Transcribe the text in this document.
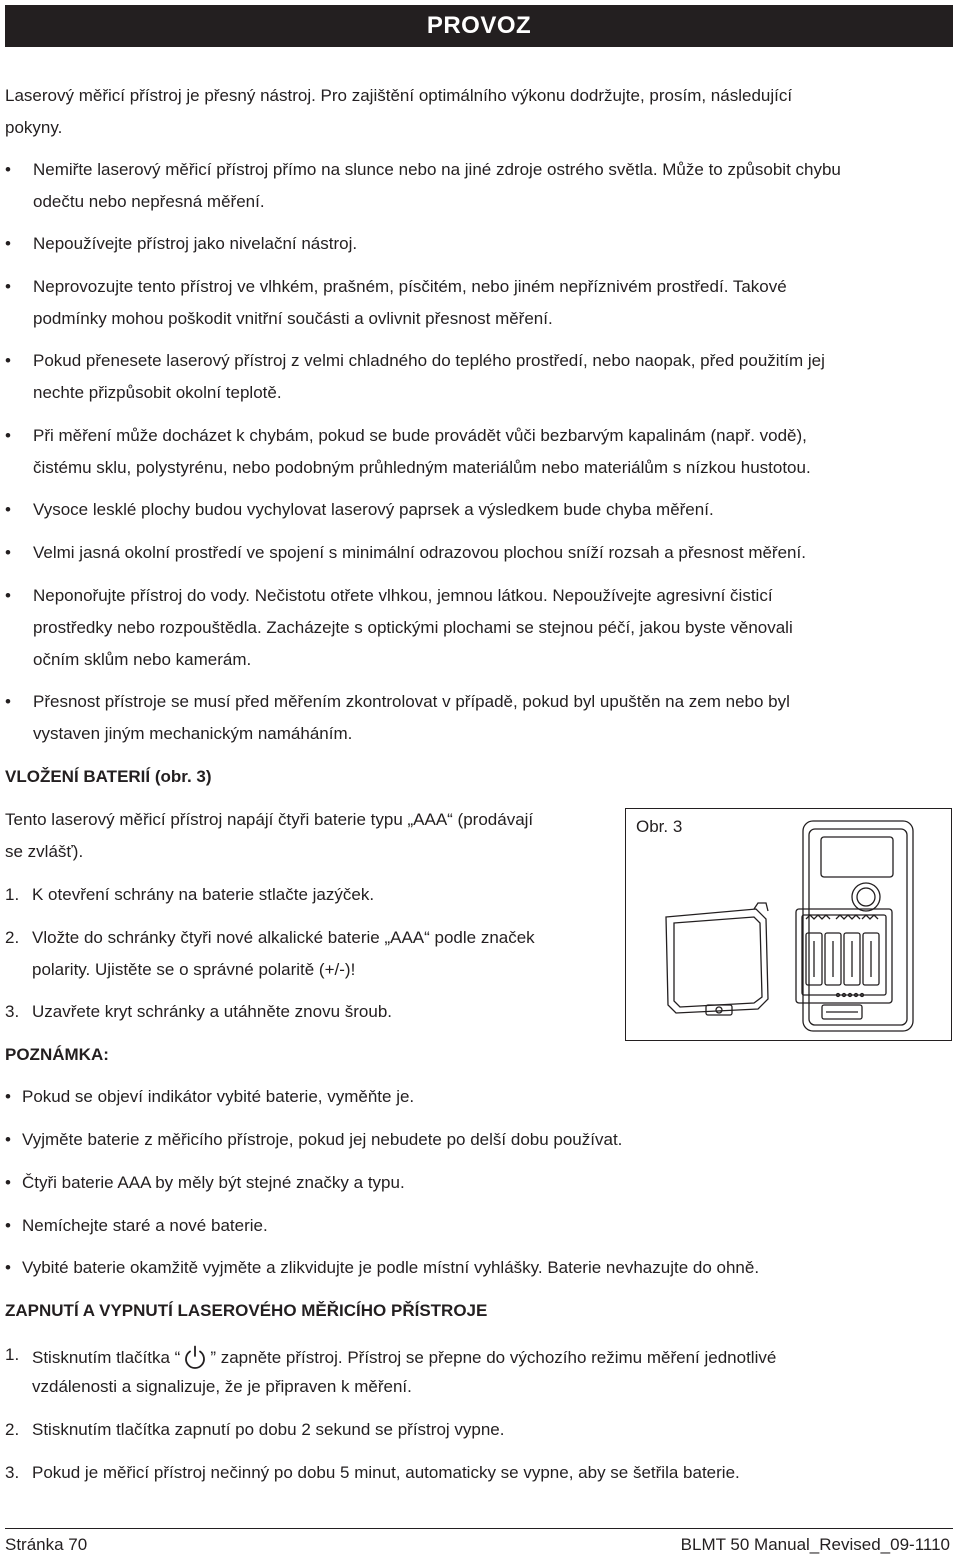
PROVOZ
Laserový měřicí přístroj je přesný nástroj. Pro zajištění optimálního výkonu dodržujte, prosím, následující
pokyny.
• Nemiřte laserový měřicí přístroj přímo na slunce nebo na jiné zdroje ostrého světla. Může to způsobit chybu
odečtu nebo nepřesná měření.
• Nepoužívejte přístroj jako nivelační nástroj.
• Neprovozujte tento přístroj ve vlhkém, prašném, písčitém, nebo jiném nepříznivém prostředí. Takové
podmínky mohou poškodit vnitřní součásti a ovlivnit přesnost měření.
• Pokud přenesete laserový přístroj z velmi chladného do teplého prostředí, nebo naopak, před použitím jej
nechte přizpůsobit okolní teplotě.
• Při měření může docházet k chybám, pokud se bude provádět vůči bezbarvým kapalinám (např. vodě),
čistému sklu, polystyrénu, nebo podobným průhledným materiálům nebo materiálům s nízkou hustotou.
• Vysoce lesklé plochy budou vychylovat laserový paprsek a výsledkem bude chyba měření.
• Velmi jasná okolní prostředí ve spojení s minimální odrazovou plochou sníží rozsah a přesnost měření.
• Neponořujte přístroj do vody. Nečistotu otřete vlhkou, jemnou látkou. Nepoužívejte agresivní čisticí
prostředky nebo rozpouštědla. Zacházejte s optickými plochami se stejnou péčí, jakou byste věnovali
očním sklům nebo kamerám.
• Přesnost přístroje se musí před měřením zkontrolovat v případě, pokud byl upuštěn na zem nebo byl
vystaven jiným mechanickým namáháním.
VLOŽENÍ BATERIÍ (obr. 3)
Tento laserový měřicí přístroj napájí čtyři baterie typu „AAA“ (prodávají
se zvlášť).
1. K otevření schrány na baterie stlačte jazýček.
2. Vložte do schránky čtyři nové alkalické baterie „AAA“ podle značek
polarity. Ujistěte se o správné polaritě (+/-)!
3. Uzavřete kryt schránky a utáhněte znovu šroub.
Obr. 3
POZNÁMKA:
• Pokud se objeví indikátor vybité baterie, vyměňte je.
• Vyjměte baterie z měřicího přístroje, pokud jej nebudete po delší dobu používat.
• Čtyři baterie AAA by měly být stejné značky a typu.
• Nemíchejte staré a nové baterie.
• Vybité baterie okamžitě vyjměte a zlikvidujte je podle místní vyhlášky. Baterie nevhazujte do ohně.
ZAPNUTÍ A VYPNUTÍ LASEROVÉHO MĚŘICÍHO PŘÍSTROJE
1. Stisknutím tlačítka “ ” zapněte přístroj. Přístroj se přepne do výchozího režimu měření jednotlivé
vzdálenosti a signalizuje, že je připraven k měření.
2. Stisknutím tlačítka zapnutí po dobu 2 sekund se přístroj vypne.
3. Pokud je měřicí přístroj nečinný po dobu 5 minut, automaticky se vypne, aby se šetřila baterie.
Stránka 70	BLMT 50 Manual_Revised_09-1110
